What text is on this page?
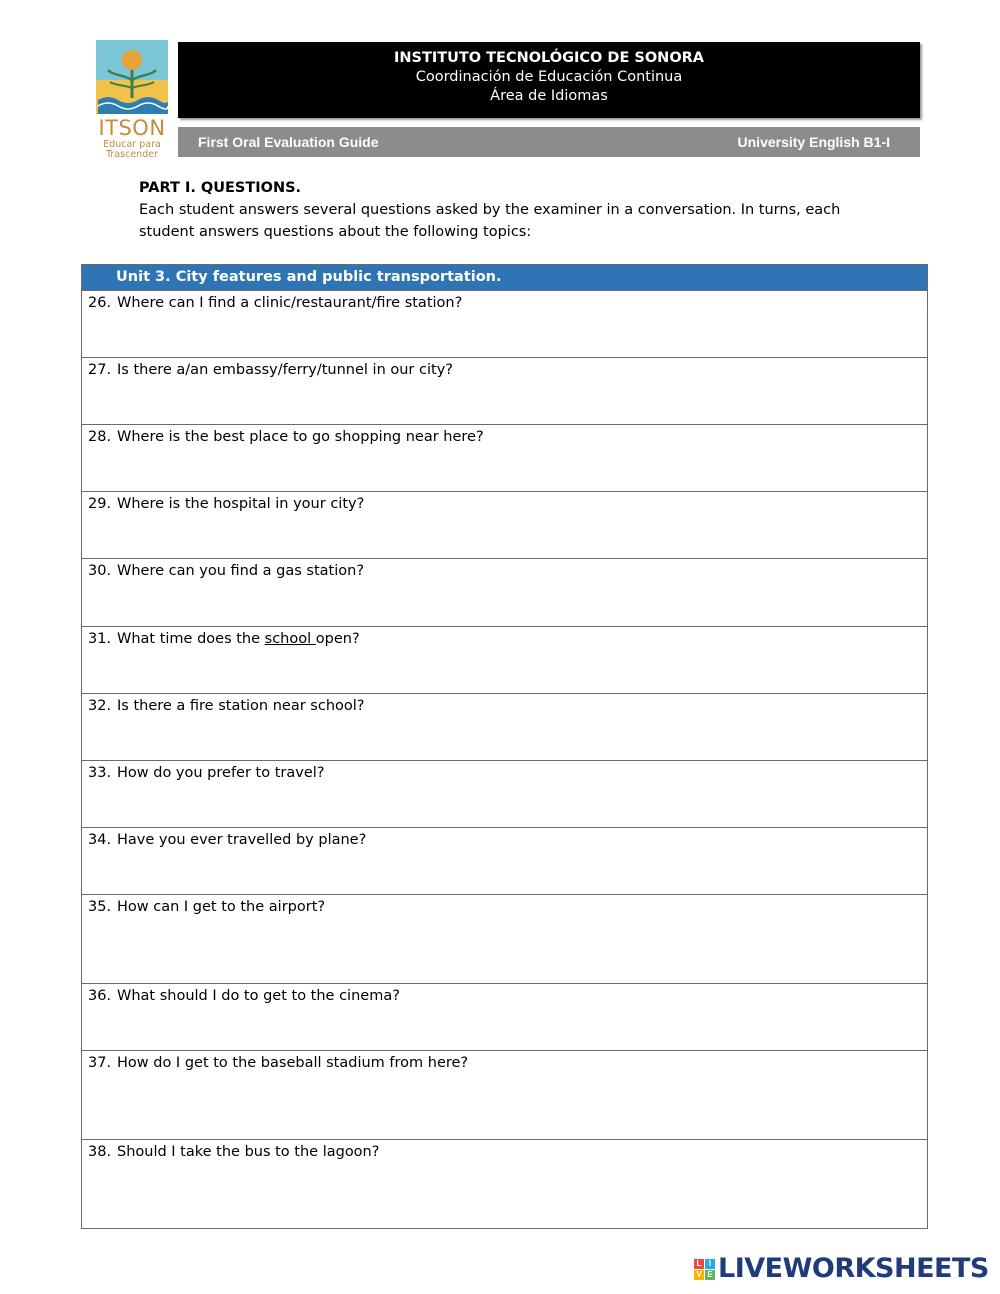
ITSON
Educar para
Trascender
INSTITUTO TECNOLÓGICO DE SONORA
Coordinación de Educación Continua
Área de Idiomas
First Oral Evaluation Guide	University English B1-I
PART I. QUESTIONS.
Each student answers several questions asked by the examiner in a conversation. In turns, each
student answers questions about the following topics:
Unit 3. City features and public transportation.
26. Where can I find a clinic/restaurant/fire station?
27. Is there a/an embassy/ferry/tunnel in our city?
28. Where is the best place to go shopping near here?
29. Where is the hospital in your city?
30. Where can you find a gas station?
31. What time does the school open?
32. Is there a fire station near school?
33. How do you prefer to travel?
34. Have you ever travelled by plane?
35. How can I get to the airport?
36. What should I do to get to the cinema?
37. How do I get to the baseball stadium from here?
38. Should I take the bus to the lagoon?
L I
V E LIVEWORKSHEETS
